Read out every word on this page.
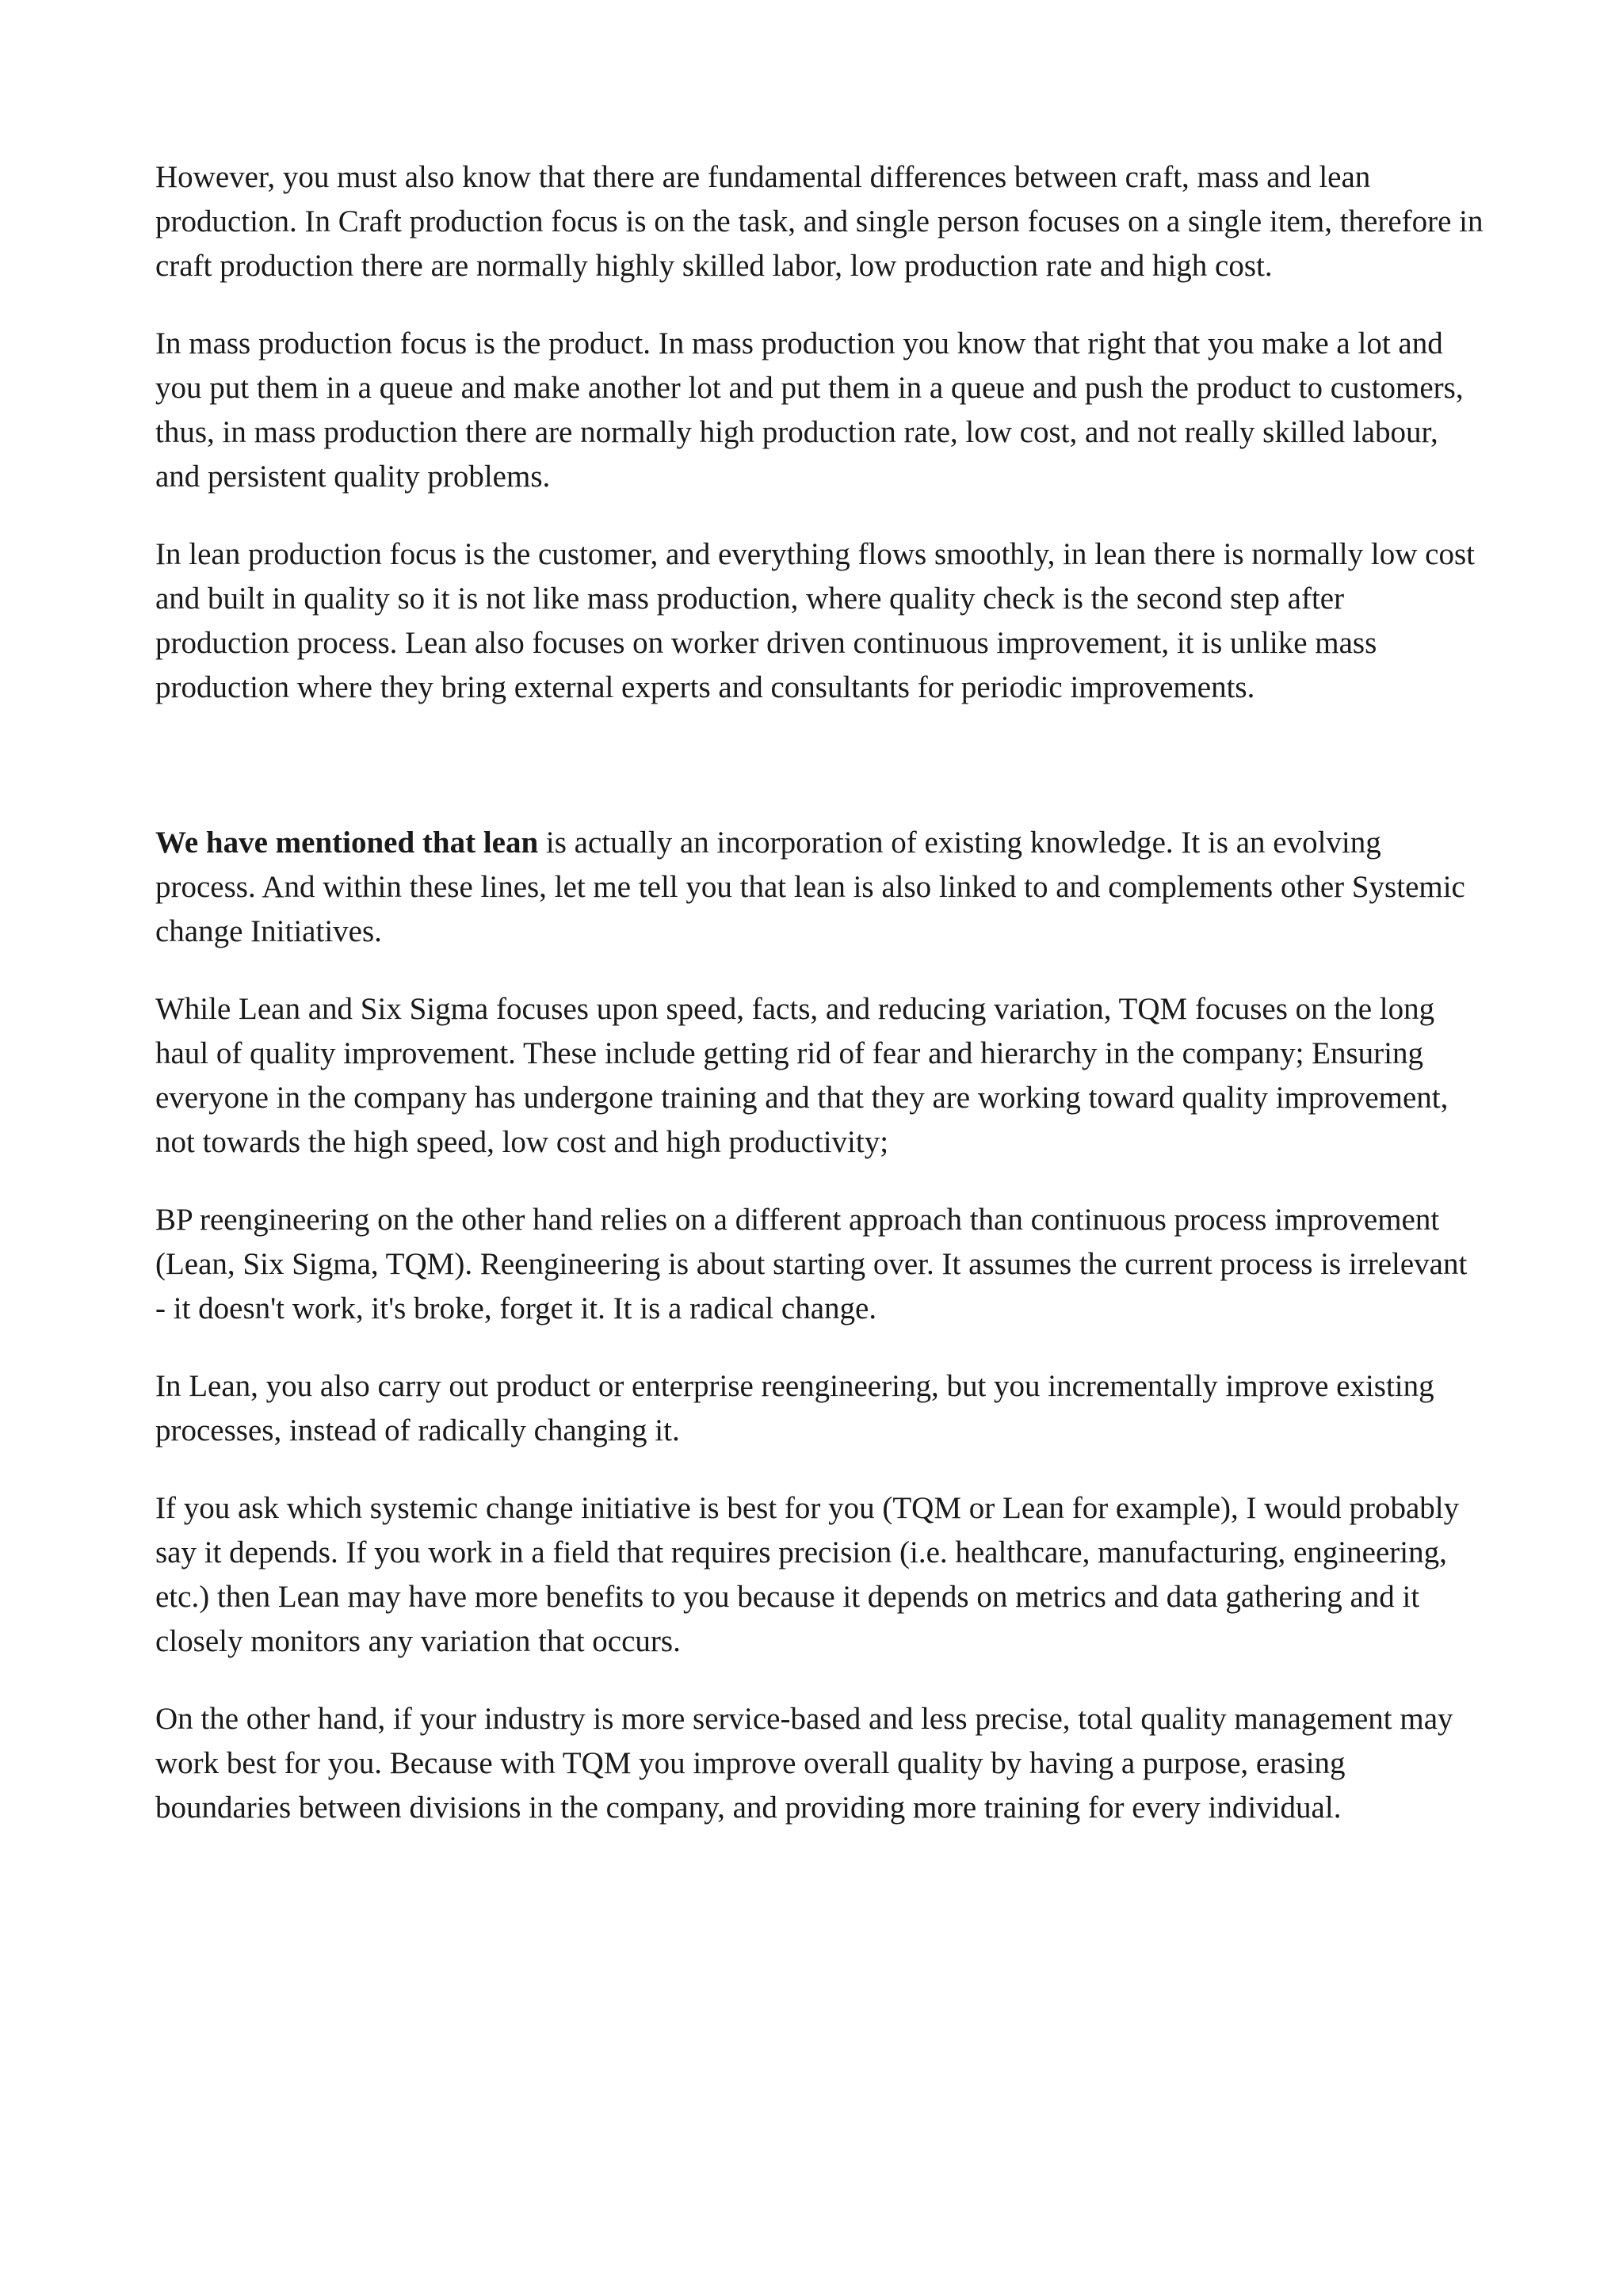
However, you must also know that there are fundamental differences between craft, mass and lean production. In Craft production focus is on the task, and single person focuses on a single item, therefore in craft production there are normally highly skilled labor, low production rate and high cost.

In mass production focus is the product. In mass production you know that right that you make a lot and you put them in a queue and make another lot and put them in a queue and push the product to customers, thus, in mass production there are normally high production rate, low cost, and not really skilled labour, and persistent quality problems.

In lean production focus is the customer, and everything flows smoothly, in lean there is normally low cost and built in quality so it is not like mass production, where quality check is the second step after production process. Lean also focuses on worker driven continuous improvement, it is unlike mass production where they bring external experts and consultants for periodic improvements.

We have mentioned that lean is actually an incorporation of existing knowledge. It is an evolving process. And within these lines, let me tell you that lean is also linked to and complements other Systemic change Initiatives.

While Lean and Six Sigma focuses upon speed, facts, and reducing variation, TQM focuses on the long haul of quality improvement. These include getting rid of fear and hierarchy in the company; Ensuring everyone in the company has undergone training and that they are working toward quality improvement, not towards the high speed, low cost and high productivity;

BP reengineering on the other hand relies on a different approach than continuous process improvement (Lean, Six Sigma, TQM). Reengineering is about starting over. It assumes the current process is irrelevant - it doesn't work, it's broke, forget it. It is a radical change.

In Lean, you also carry out product or enterprise reengineering, but you incrementally improve existing processes, instead of radically changing it.

If you ask which systemic change initiative is best for you (TQM or Lean for example), I would probably say it depends. If you work in a field that requires precision (i.e. healthcare, manufacturing, engineering, etc.) then Lean may have more benefits to you because it depends on metrics and data gathering and it closely monitors any variation that occurs.

On the other hand, if your industry is more service-based and less precise, total quality management may work best for you. Because with TQM you improve overall quality by having a purpose, erasing boundaries between divisions in the company, and providing more training for every individual.
